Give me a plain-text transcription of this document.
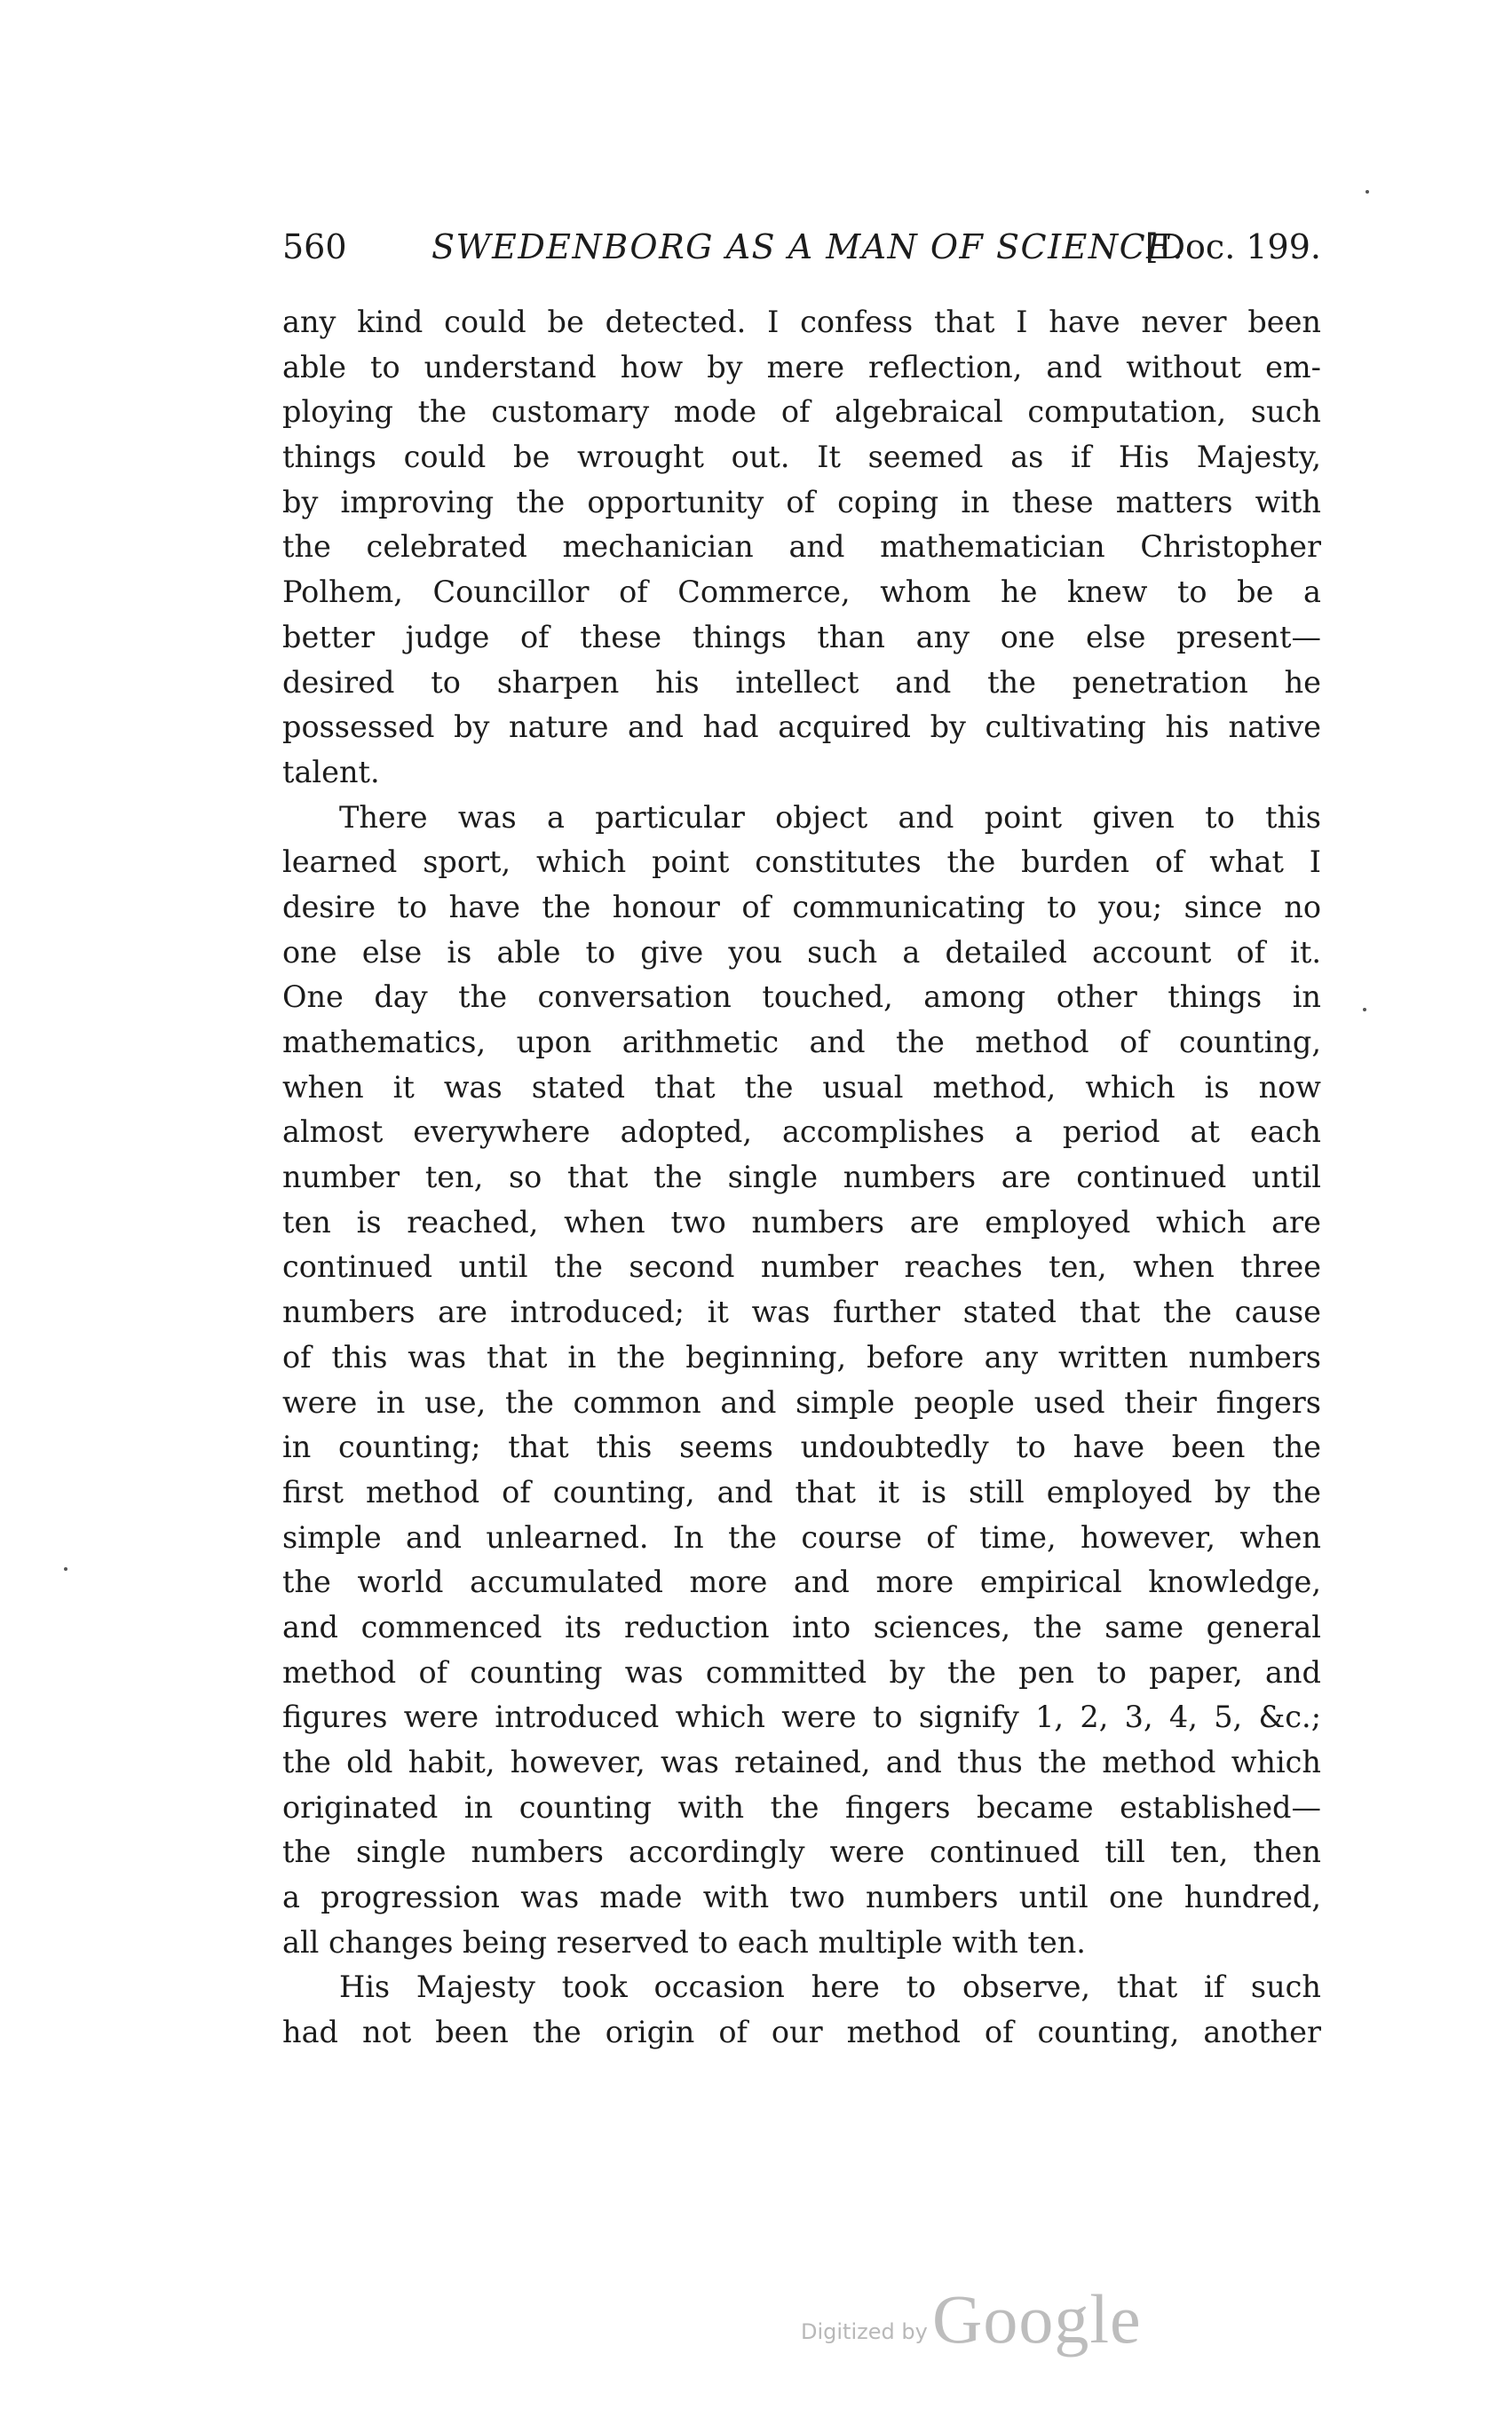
560	SWEDENBORG AS A MAN OF SCIENCE.
[Doc. 199.
any kind could be detected. I confess that I have never been
able to understand how by mere reflection, and without em-
ploying the customary mode of algebraical computation, such
things could be wrought out. It seemed as if His Majesty,
by improving the opportunity of coping in these matters with
the celebrated mechanician and mathematician Christopher
Polhem, Councillor of Commerce, whom he knew to be a
better judge of these things than any one else present—
desired to sharpen his intellect and the penetration he
possessed by nature and had acquired by cultivating his native
talent.
There was a particular object and point given to this
learned sport, which point constitutes the burden of what I
desire to have the honour of communicating to you; since no
one else is able to give you such a detailed account of it.
One day the conversation touched, among other things in
mathematics, upon arithmetic and the method of counting,
when it was stated that the usual method, which is now
almost everywhere adopted, accomplishes a period at each
number ten, so that the single numbers are continued until
ten is reached, when two numbers are employed which are
continued until the second number reaches ten, when three
numbers are introduced; it was further stated that the cause
of this was that in the beginning, before any written numbers
were in use, the common and simple people used their fingers
in counting; that this seems undoubtedly to have been the
first method of counting, and that it is still employed by the
simple and unlearned. In the course of time, however, when
the world accumulated more and more empirical knowledge,
and commenced its reduction into sciences, the same general
method of counting was committed by the pen to paper, and
figures were introduced which were to signify 1, 2, 3, 4, 5, &c.;
the old habit, however, was retained, and thus the method which
originated in counting with the fingers became established—
the single numbers accordingly were continued till ten, then
a progression was made with two numbers until one hundred,
all changes being reserved to each multiple with ten.
His Majesty took occasion here to observe, that if such
had not been the origin of our method of counting, another
Digitized by Google
